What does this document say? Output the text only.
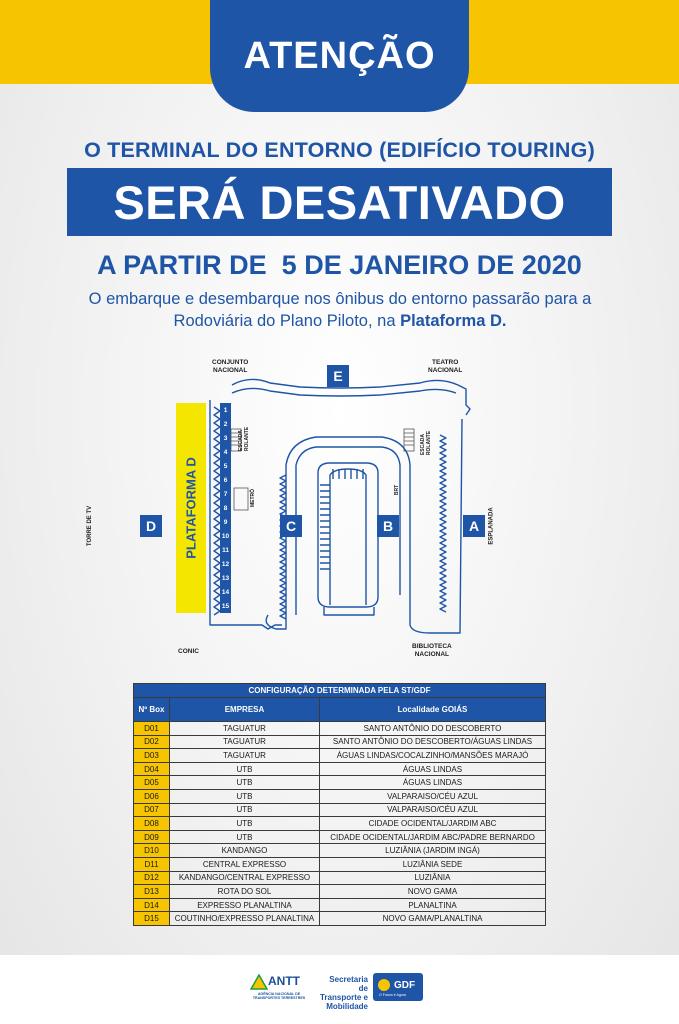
ATENÇÃO
O TERMINAL DO ENTORNO (EDIFÍCIO TOURING)
SERÁ DESATIVADO
A PARTIR DE  5 DE JANEIRO DE 2020
O embarque e desembarque nos ônibus do entorno passarão para a Rodoviária do Plano Piloto, na Plataforma D.
PLATAFORMA D
1
2
3
4
5
6
7
8
9
10
11
12
13
14
15
E
D	C	B	A
CONJUNTO
NACIONAL
TEATRO
NACIONAL
CONIC
BIBLIOTECA
NACIONAL
TORRE DE TV	ESPLANADA
ESCADA
ROLANTE	ESCADA
ROLANTE
METRÔ	BRT
CONFIGURAÇÃO DETERMINADA PELA ST/GDF		
Nº Box	EMPRESA	Localidade GOIÁS
D01	TAGUATUR	SANTO ANTÔNIO DO DESCOBERTO
D02	TAGUATUR	SANTO ANTÔNIO DO DESCOBERTO/ÁGUAS LINDAS
D03	TAGUATUR	ÁGUAS LINDAS/COCALZINHO/MANSÕES MARAJÓ
D04	UTB	ÁGUAS LINDAS
D05	UTB	ÁGUAS LINDAS
D06	UTB	VALPARAISO/CÉU AZUL
D07	UTB	VALPARAISO/CÉU AZUL
D08	UTB	CIDADE OCIDENTAL/JARDIM ABC
D09	UTB	CIDADE OCIDENTAL/JARDIM ABC/PADRE BERNARDO
D10	KANDANGO	LUZIÂNIA (JARDIM INGÁ)
D11	CENTRAL EXPRESSO	LUZIÂNIA SEDE
D12	KANDANGO/CENTRAL EXPRESSO	LUZIÂNIA
D13	ROTA DO SOL	NOVO GAMA
D14	EXPRESSO PLANALTINA	PLANALTINA
D15	COUTINHO/EXPRESSO PLANALTINA	NOVO GAMA/PLANALTINA
ANTT
AGÊNCIA NACIONAL DE TRANSPORTES TERRESTRES
Secretaria de Transporte e Mobilidade
GDF
O Futuro é Agora
